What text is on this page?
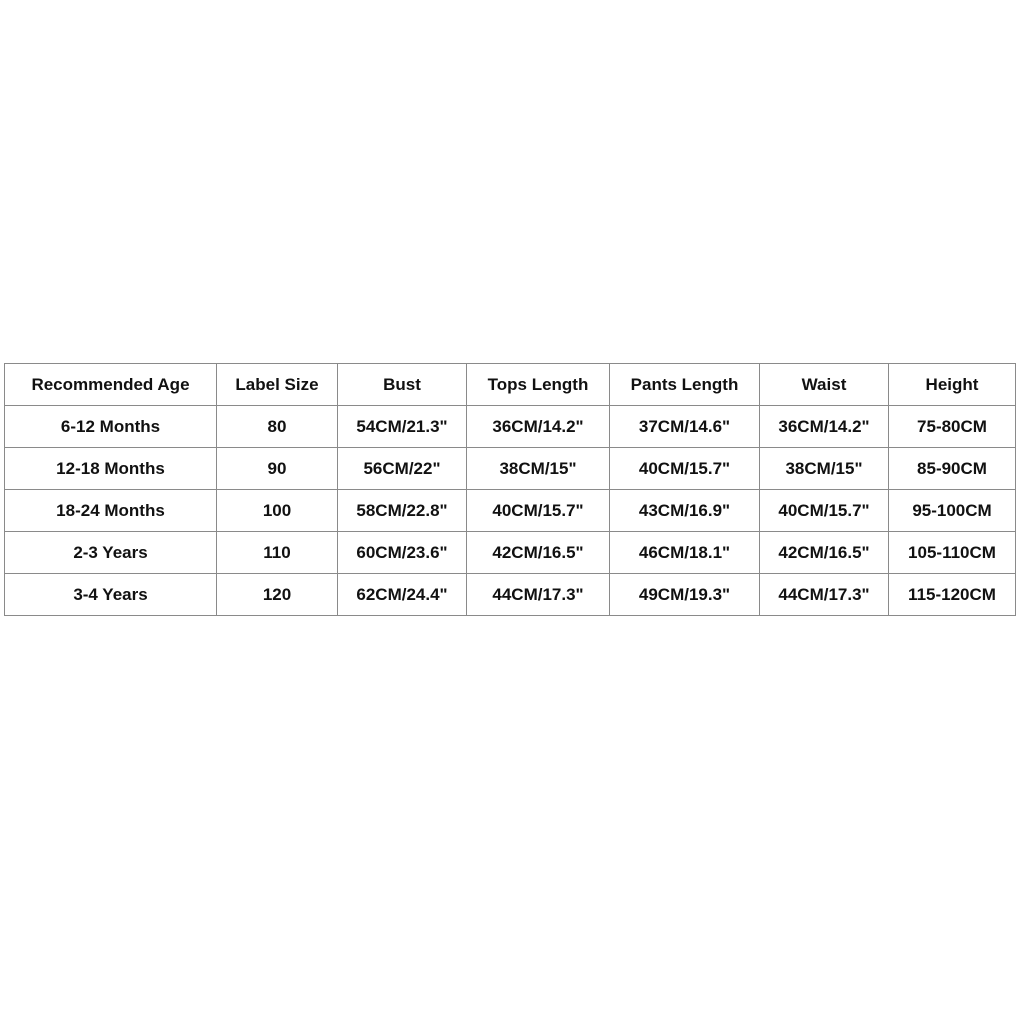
Recommended Age	Label Size	Bust	Tops Length	Pants Length	Waist	Height
6-12 Months	80	54CM/21.3"	36CM/14.2"	37CM/14.6"	36CM/14.2"	75-80CM
12-18 Months	90	56CM/22"	38CM/15"	40CM/15.7"	38CM/15"	85-90CM
18-24 Months	100	58CM/22.8"	40CM/15.7"	43CM/16.9"	40CM/15.7"	95-100CM
2-3 Years	110	60CM/23.6"	42CM/16.5"	46CM/18.1"	42CM/16.5"	105-110CM
3-4 Years	120	62CM/24.4"	44CM/17.3"	49CM/19.3"	44CM/17.3"	115-120CM
